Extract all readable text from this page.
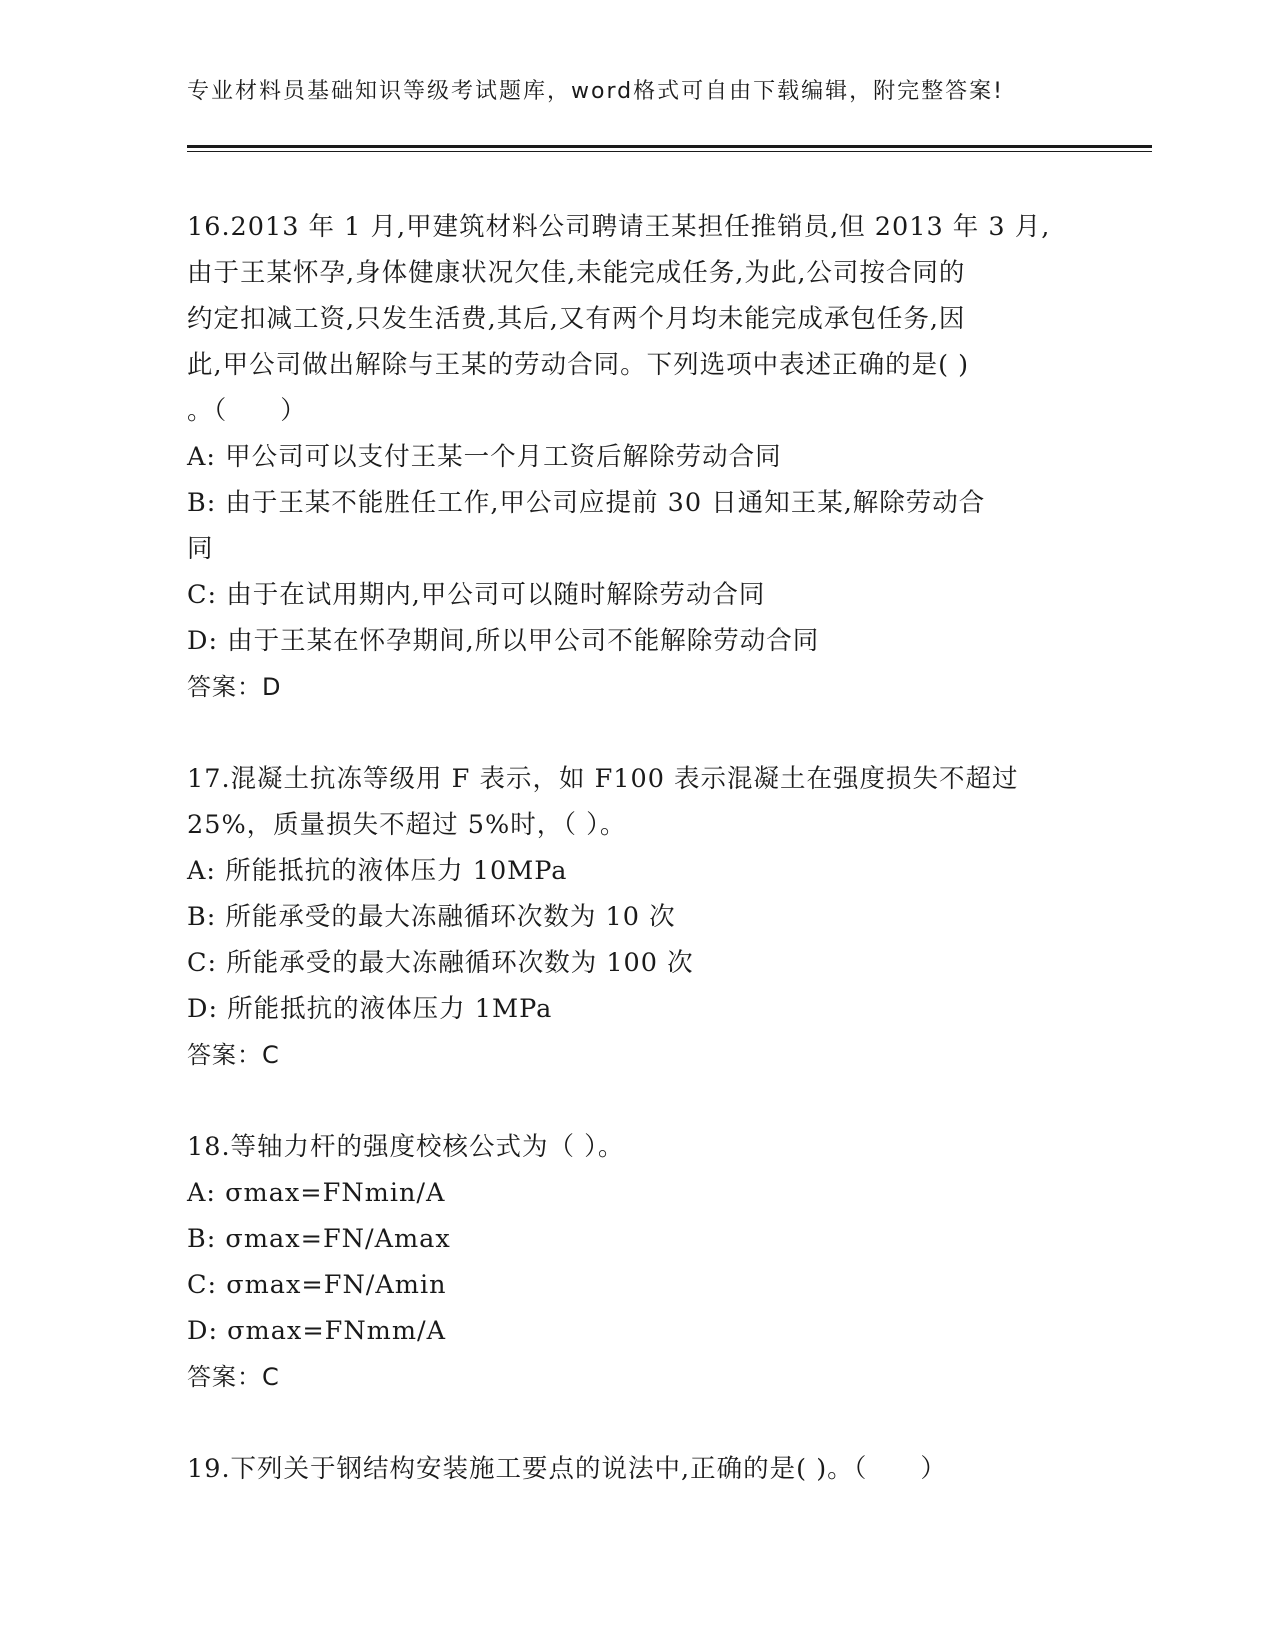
专业材料员基础知识等级考试题库，word格式可自由下载编辑，附完整答案!

16.2013 年 1 月,甲建筑材料公司聘请王某担任推销员,但 2013 年 3 月,

由于王某怀孕,身体健康状况欠佳,未能完成任务,为此,公司按合同的

约定扣减工资,只发生活费,其后,又有两个月均未能完成承包任务,因

此,甲公司做出解除与王某的劳动合同。下列选项中表述正确的是( )

。（　　）

A: 甲公司可以支付王某一个月工资后解除劳动合同

B: 由于王某不能胜任工作,甲公司应提前 30 日通知王某,解除劳动合

同

C: 由于在试用期内,甲公司可以随时解除劳动合同

D: 由于王某在怀孕期间,所以甲公司不能解除劳动合同

答案：D

17.混凝土抗冻等级用 F 表示，如 F100 表示混凝土在强度损失不超过

25%，质量损失不超过 5%时，（ ）。

A: 所能抵抗的液体压力 10MPa

B: 所能承受的最大冻融循环次数为 10 次

C: 所能承受的最大冻融循环次数为 100 次

D: 所能抵抗的液体压力 1MPa

答案：C

18.等轴力杆的强度校核公式为（ ）。

A: σmax=FNmin/A

B: σmax=FN/Amax

C: σmax=FN/Amin

D: σmax=FNmm/A

答案：C

19.下列关于钢结构安装施工要点的说法中,正确的是( )。（　　）
